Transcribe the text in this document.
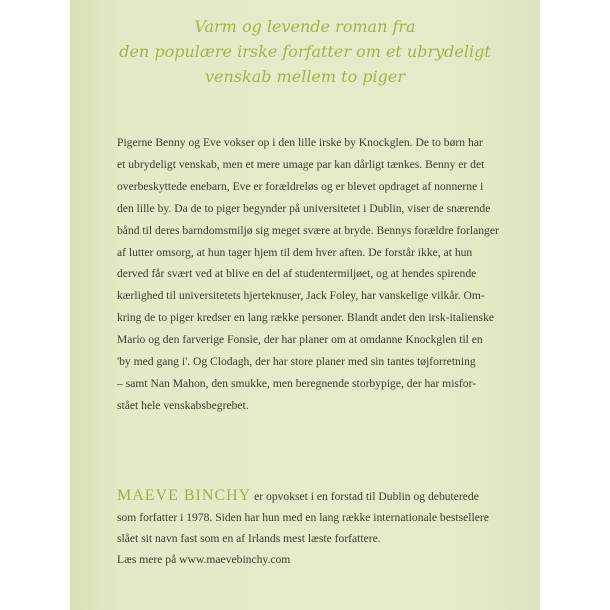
Varm og levende roman fra
den populære irske forfatter om et ubrydeligt
venskab mellem to piger
Pigerne Benny og Eve vokser op i den lille irske by Knockglen. De to børn har
et ubrydeligt venskab, men et mere umage par kan dårligt tænkes. Benny er det
overbeskyttede enebarn, Eve er forældreløs og er blevet opdraget af nonnerne i
den lille by. Da de to piger begynder på universitetet i Dublin, viser de snærende
bånd til deres barndomsmiljø sig meget svære at bryde. Bennys forældre forlanger
af lutter omsorg, at hun tager hjem til dem hver aften. De forstår ikke, at hun
derved får svært ved at blive en del af studentermiljøet, og at hendes spirende
kærlighed til universitetets hjerteknuser, Jack Foley, har vanskelige vilkår. Om-
kring de to piger kredser en lang række personer. Blandt andet den irsk-italienske
Mario og den farverige Fonsie, der har planer om at omdanne Knockglen til en
'by med gang i'. Og Clodagh, der har store planer med sin tantes tøjforretning
– samt Nan Mahon, den smukke, men beregnende storbypige, der har misfor-
stået hele venskabsbegrebet.
MAEVE BINCHY er opvokset i en forstad til Dublin og debuterede
som forfatter i 1978. Siden har hun med en lang række internationale bestsellere
slået sit navn fast som en af Irlands mest læste forfattere.
Læs mere på www.maevebinchy.com
